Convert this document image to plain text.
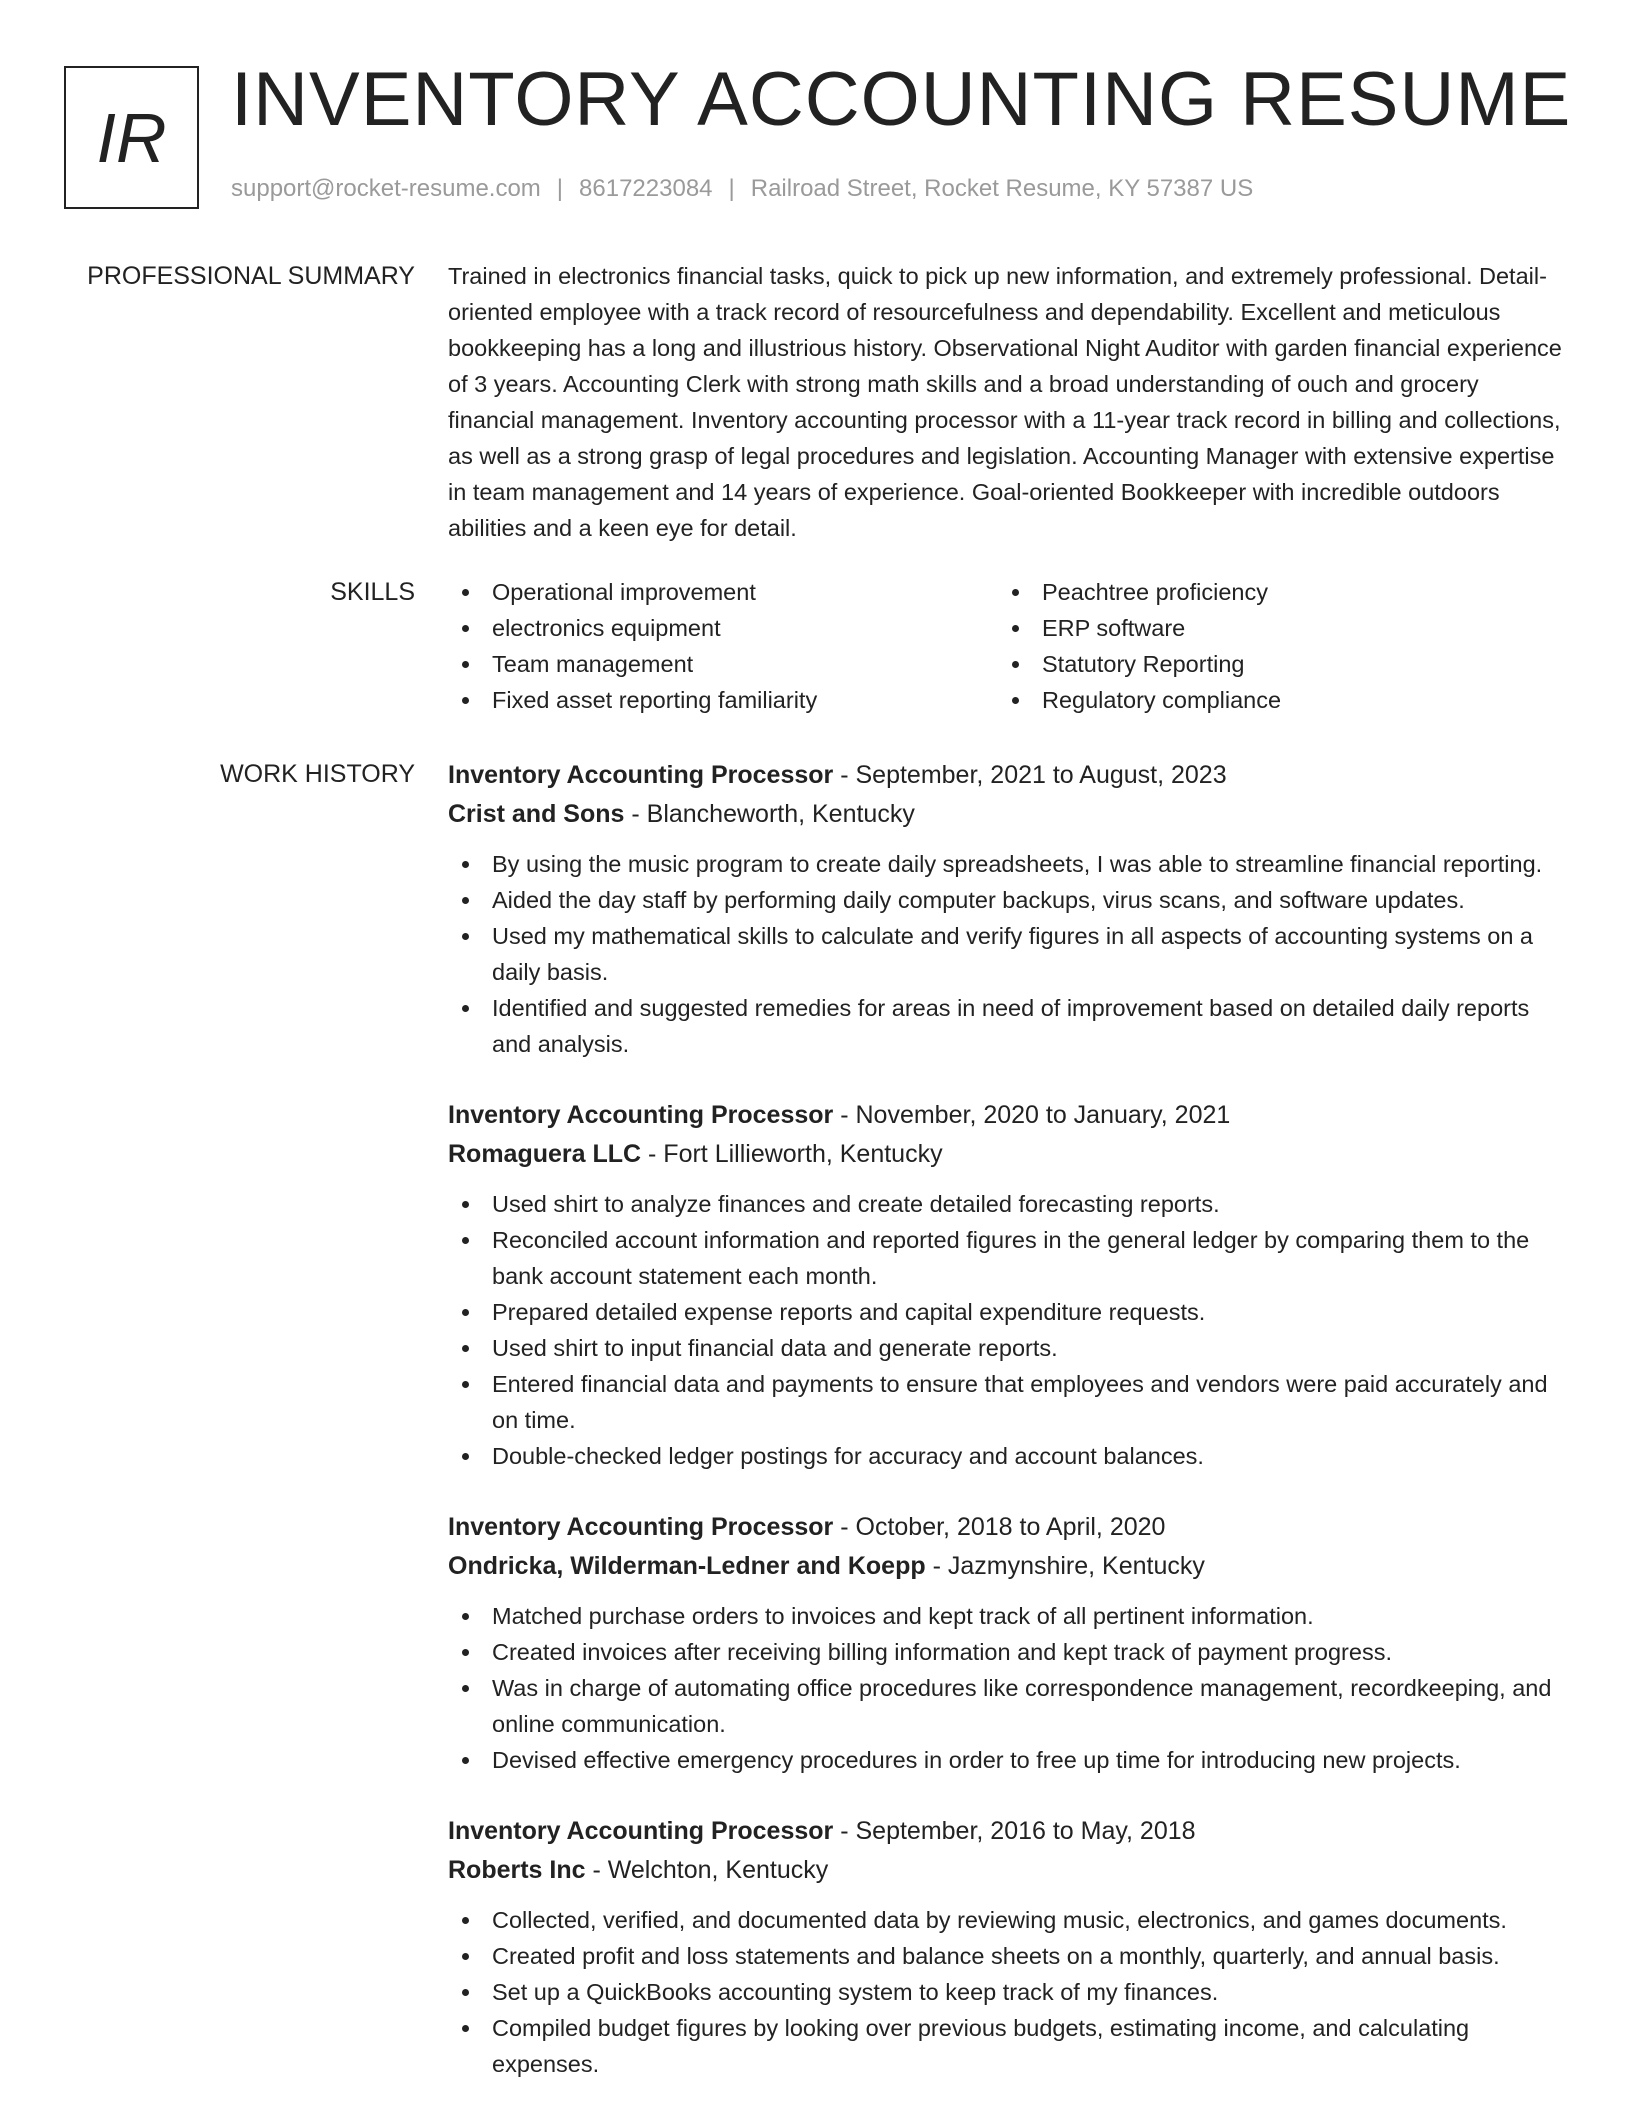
IR INVENTORY ACCOUNTING RESUME
support@rocket-resume.com | 8617223084 | Railroad Street, Rocket Resume, KY 57387 US
PROFESSIONAL SUMMARY Trained in electronics financial tasks, quick to pick up new information, and extremely professional. Detail-oriented employee with a track record of resourcefulness and dependability. Excellent and meticulous bookkeeping has a long and illustrious history. Observational Night Auditor with garden financial experience of 3 years. Accounting Clerk with strong math skills and a broad understanding of ouch and grocery financial management. Inventory accounting processor with a 11-year track record in billing and collections, as well as a strong grasp of legal procedures and legislation. Accounting Manager with extensive expertise in team management and 14 years of experience. Goal-oriented Bookkeeper with incredible outdoors abilities and a keen eye for detail.

SKILLS	Operational improvement
electronics equipment
Team management
Fixed asset reporting familiarity
Peachtree proficiency
ERP software
Statutory Reporting
Regulatory compliance
WORK HISTORY Inventory Accounting Processor - September, 2021 to August, 2023
Crist and Sons - Blancheworth, Kentucky
By using the music program to create daily spreadsheets, I was able to streamline financial reporting.
Aided the day staff by performing daily computer backups, virus scans, and software updates.
Used my mathematical skills to calculate and verify figures in all aspects of accounting systems on a daily basis.
Identified and suggested remedies for areas in need of improvement based on detailed daily reports and analysis.
Inventory Accounting Processor - November, 2020 to January, 2021
Romaguera LLC - Fort Lillieworth, Kentucky
Used shirt to analyze finances and create detailed forecasting reports.
Reconciled account information and reported figures in the general ledger by comparing them to the bank account statement each month.
Prepared detailed expense reports and capital expenditure requests.
Used shirt to input financial data and generate reports.
Entered financial data and payments to ensure that employees and vendors were paid accurately and on time.
Double-checked ledger postings for accuracy and account balances.
Inventory Accounting Processor - October, 2018 to April, 2020
Ondricka, Wilderman-Ledner and Koepp - Jazmynshire, Kentucky
Matched purchase orders to invoices and kept track of all pertinent information.
Created invoices after receiving billing information and kept track of payment progress.
Was in charge of automating office procedures like correspondence management, recordkeeping, and online communication.
Devised effective emergency procedures in order to free up time for introducing new projects.
Inventory Accounting Processor - September, 2016 to May, 2018
Roberts Inc - Welchton, Kentucky
Collected, verified, and documented data by reviewing music, electronics, and games documents.
Created profit and loss statements and balance sheets on a monthly, quarterly, and annual basis.
Set up a QuickBooks accounting system to keep track of my finances.
Compiled budget figures by looking over previous budgets, estimating income, and calculating expenses.
